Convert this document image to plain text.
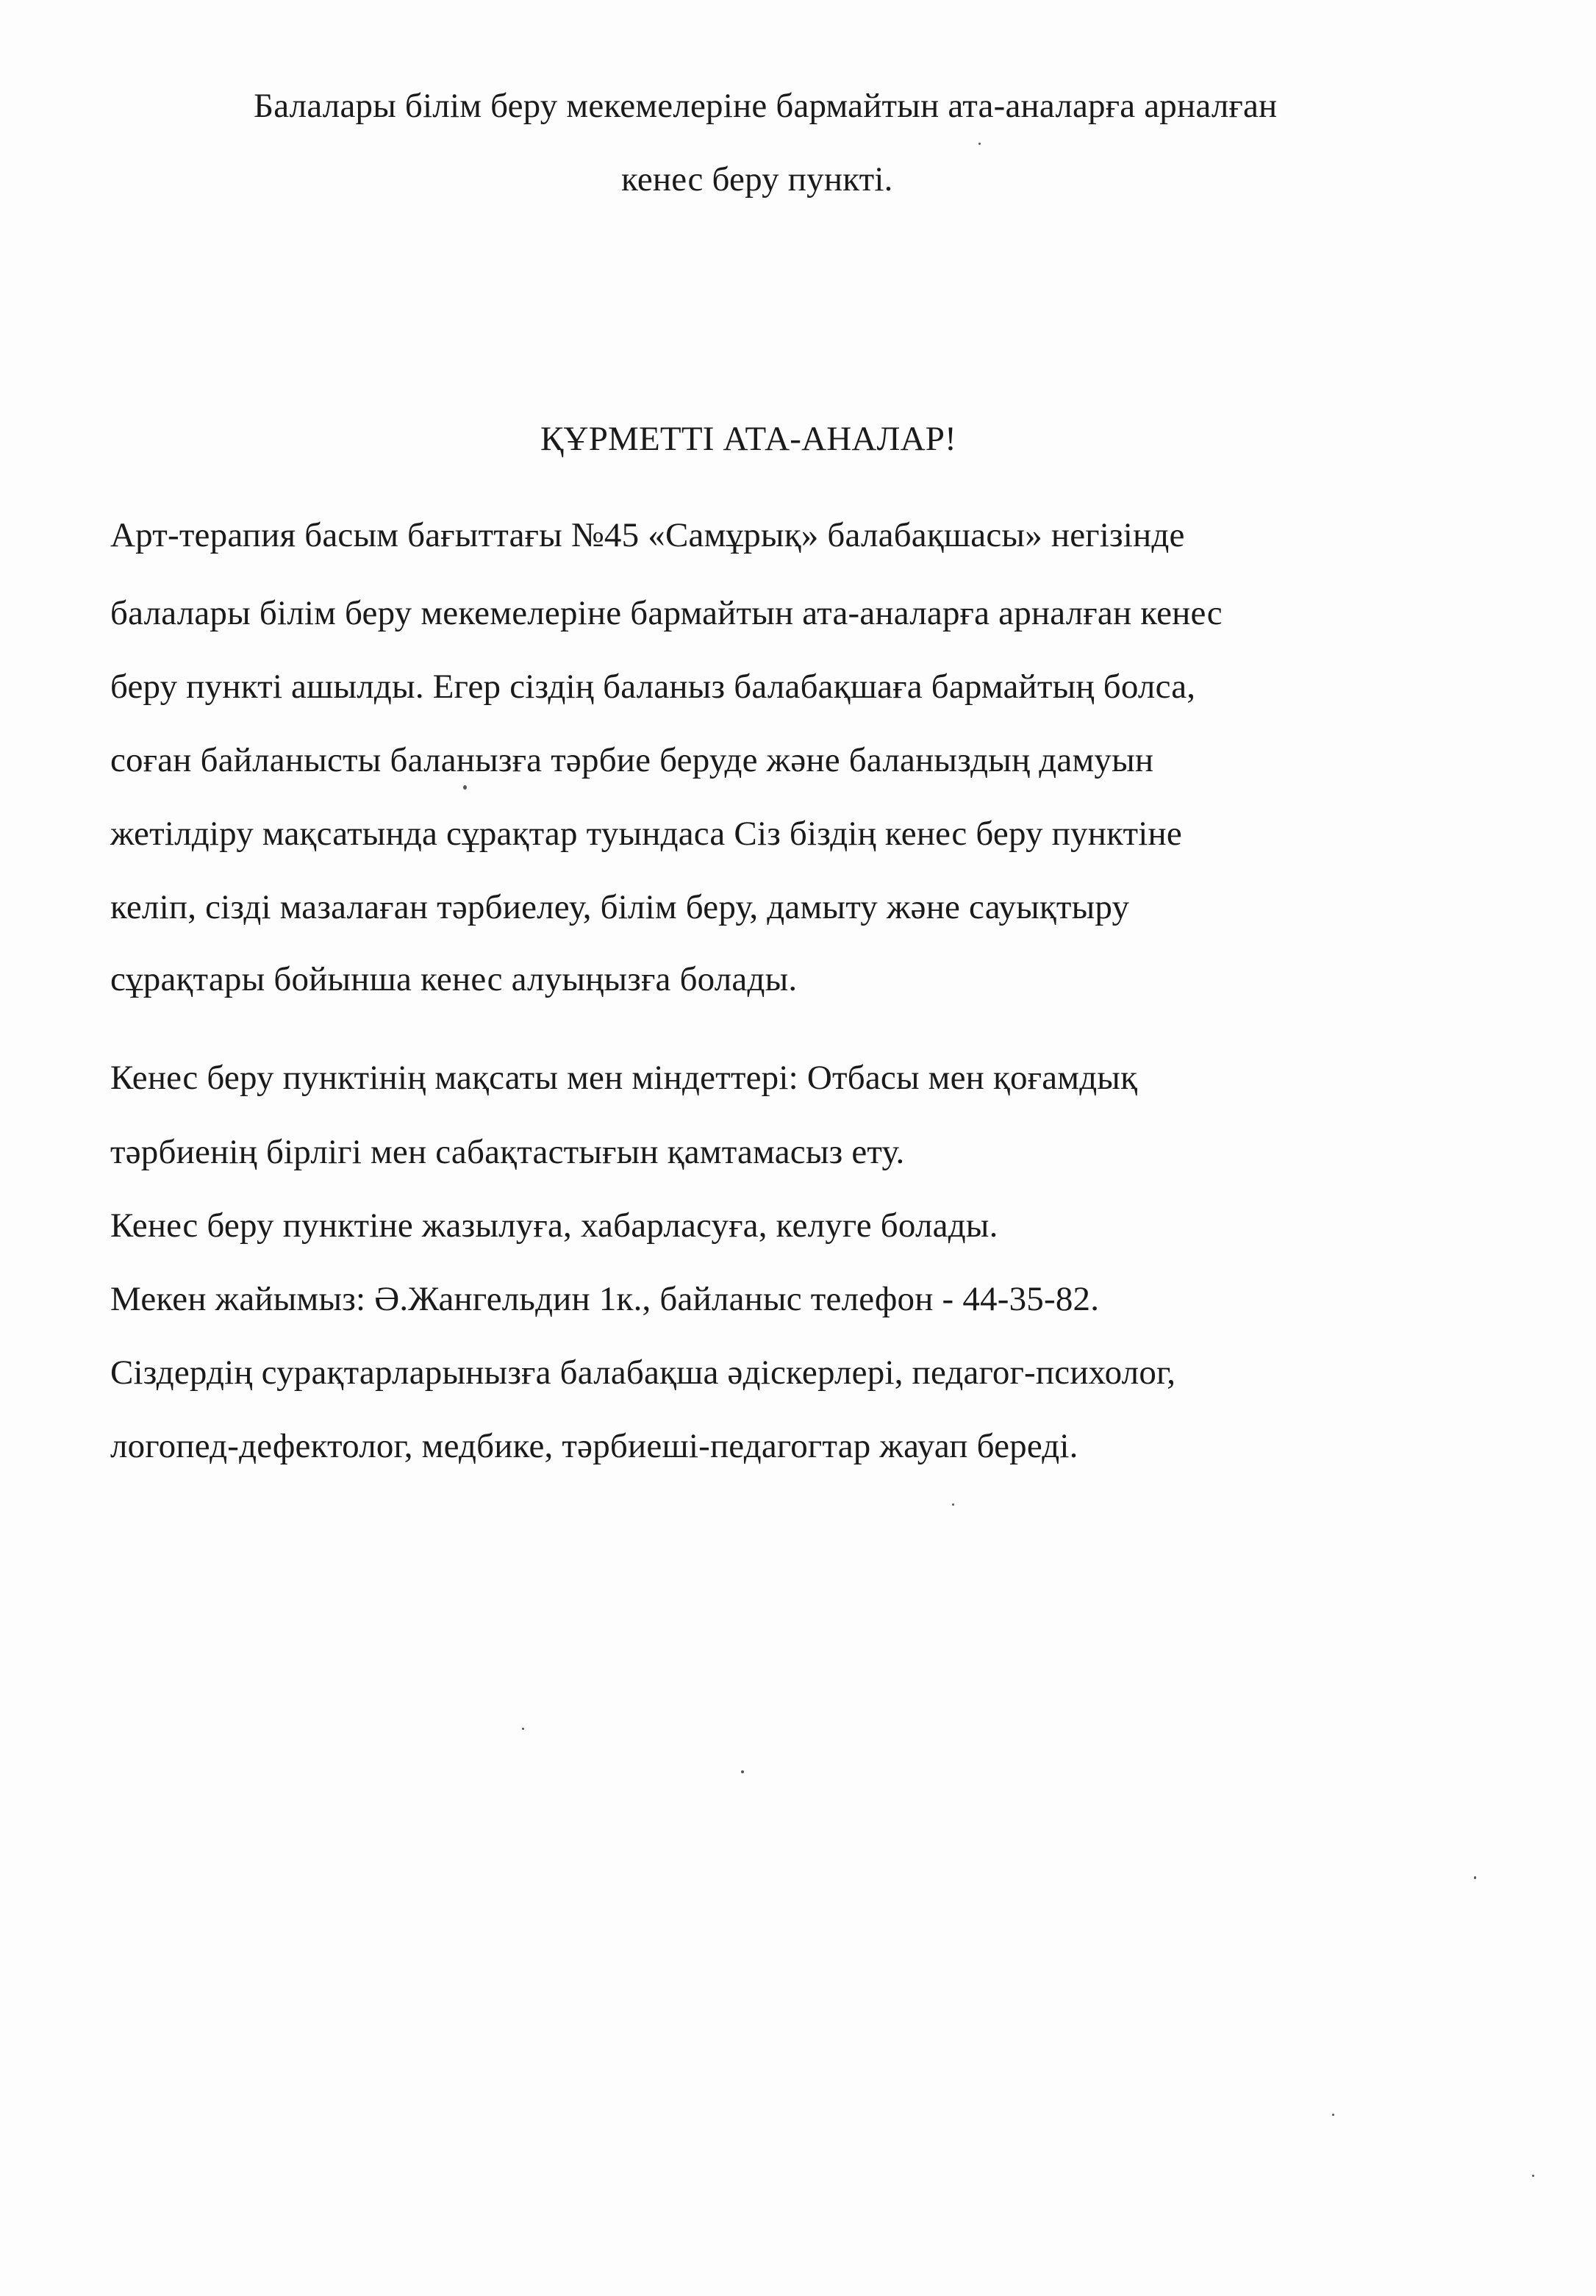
Балалары білім беру мекемелеріне бармайтын ата-аналарға арналған
кенес беру пункті.
ҚҰРМЕТТІ АТА-АНАЛАР!
Арт-терапия басым бағыттағы №45 «Самұрық» балабақшасы» негізінде
балалары білім беру мекемелеріне бармайтын ата-аналарға арналған кенес
беру пункті ашылды. Егер сіздің баланыз балабақшаға бармайтың болса,
соған байланысты баланызға тәрбие беруде және баланыздың дамуын
жетілдіру мақсатында сұрақтар туындаса Сіз біздің кенес беру пунктіне
келіп, сізді мазалаған тәрбиелеу, білім беру, дамыту және сауықтыру
сұрақтары бойынша кенес алуыңызға болады.
Кенес беру пунктінің мақсаты мен міндеттері: Отбасы мен қоғамдық
тәрбиенің бірлігі мен сабақтастығын қамтамасыз ету.
Кенес беру пунктіне жазылуға, хабарласуға, келуге болады.
Мекен жайымыз: Ә.Жангельдин 1к., байланыс телефон - 44-35-82.
Сіздердің сурақтарларынызға балабақша әдіскерлері, педагог-психолог,
логопед-дефектолог, медбике, тәрбиеші-педагогтар жауап береді.
